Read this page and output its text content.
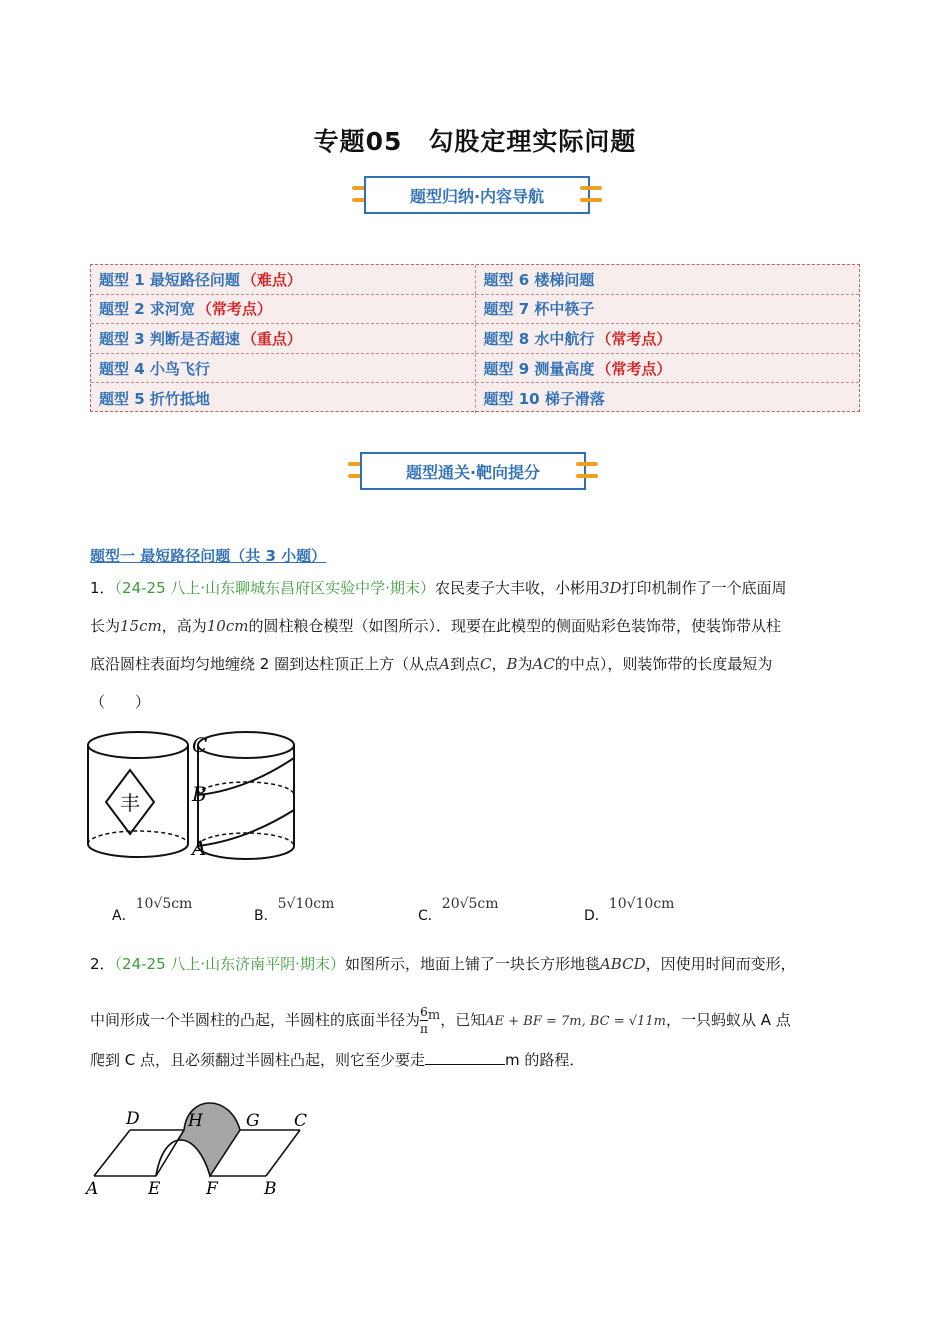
专题05　勾股定理实际问题
题型归纳·内容导航
题型 1 最短路径问题 （难点）	题型 6 楼梯问题
题型 2 求河宽 （常考点）	题型 7 杯中筷子
题型 3 判断是否超速 （重点）	题型 8 水中航行 （常考点）
题型 4 小鸟飞行	题型 9 测量高度 （常考点）
题型 5 折竹抵地	题型 10 梯子滑落
题型通关·靶向提分
题型一 最短路径问题（共 3 小题）
1．（24-25 八上·山东聊城东昌府区实验中学·期末）农民麦子大丰收，小彬用3D打印机制作了一个底面周
长为15cm，高为10cm的圆柱粮仓模型（如图所示）．现要在此模型的侧面贴彩色装饰带，使装饰带从柱
底沿圆柱表面均匀地缠绕 2 圈到达柱顶正上方（从点A到点C，B为AC的中点），则装饰带的长度最短为
（　　）
丰
C
B
A
A．10√5cm
B．5√10cm
C．20√5cm
D．10√10cm
2．（24-25 八上·山东济南平阴·期末）如图所示，地面上铺了一块长方形地毯ABCD，因使用时间而变形，
中间形成一个半圆柱的凸起，半圆柱的底面半径为 $\frac{6}{\pi}$ m，已知AE + BF = 7m, BC = √11m，一只蚂蚁从 A 点
爬到 C 点，且必须翻过半圆柱凸起，则它至少要走	m 的路程．
D	H	G C
A	E	F	B
